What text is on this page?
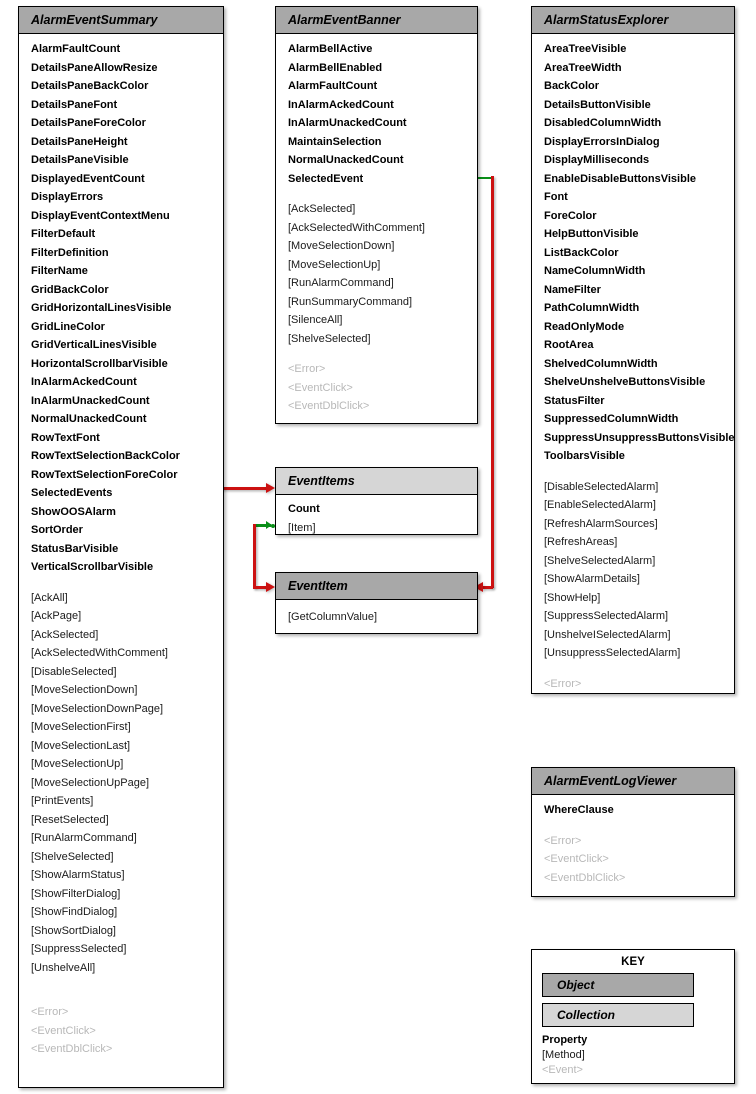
AlarmEventSummary
AlarmFaultCount
DetailsPaneAllowResize
DetailsPaneBackColor
DetailsPaneFont
DetailsPaneForeColor
DetailsPaneHeight
DetailsPaneVisible
DisplayedEventCount
DisplayErrors
DisplayEventContextMenu
FilterDefault
FilterDefinition
FilterName
GridBackColor
GridHorizontalLinesVisible
GridLineColor
GridVerticalLinesVisible
HorizontalScrollbarVisible
InAlarmAckedCount
InAlarmUnackedCount
NormalUnackedCount
RowTextFont
RowTextSelectionBackColor
RowTextSelectionForeColor
SelectedEvents
ShowOOSAlarm
SortOrder
StatusBarVisible
VerticalScrollbarVisible
[AckAll]
[AckPage]
[AckSelected]
[AckSelectedWithComment]
[DisableSelected]
[MoveSelectionDown]
[MoveSelectionDownPage]
[MoveSelectionFirst]
[MoveSelectionLast]
[MoveSelectionUp]
[MoveSelectionUpPage]
[PrintEvents]
[ResetSelected]
[RunAlarmCommand]
[ShelveSelected]
[ShowAlarmStatus]
[ShowFilterDialog]
[ShowFindDialog]
[ShowSortDialog]
[SuppressSelected]
[UnshelveAll]
<Error>
<EventClick>
<EventDblClick>
AlarmEventBanner
AlarmBellActive
AlarmBellEnabled
AlarmFaultCount
InAlarmAckedCount
InAlarmUnackedCount
MaintainSelection
NormalUnackedCount
SelectedEvent
[AckSelected]
[AckSelectedWithComment]
[MoveSelectionDown]
[MoveSelectionUp]
[RunAlarmCommand]
[RunSummaryCommand]
[SilenceAll]
[ShelveSelected]
<Error>
<EventClick>
<EventDblClick>
EventItems
Count
[Item]
EventItem
[GetColumnValue]
AlarmStatusExplorer
AreaTreeVisible
AreaTreeWidth
BackColor
DetailsButtonVisible
DisabledColumnWidth
DisplayErrorsInDialog
DisplayMilliseconds
EnableDisableButtonsVisible
Font
ForeColor
HelpButtonVisible
ListBackColor
NameColumnWidth
NameFilter
PathColumnWidth
ReadOnlyMode
RootArea
ShelvedColumnWidth
ShelveUnshelveButtonsVisible
StatusFilter
SuppressedColumnWidth
SuppressUnsuppressButtonsVisible
ToolbarsVisible
[DisableSelectedAlarm]
[EnableSelectedAlarm]
[RefreshAlarmSources]
[RefreshAreas]
[ShelveSelectedAlarm]
[ShowAlarmDetails]
[ShowHelp]
[SuppressSelectedAlarm]
[UnshelveISelectedAlarm]
[UnsuppressSelectedAlarm]
<Error>
AlarmEventLogViewer
WhereClause
<Error>
<EventClick>
<EventDblClick>
KEY
Object
Collection
Property
[Method]
<Event>
